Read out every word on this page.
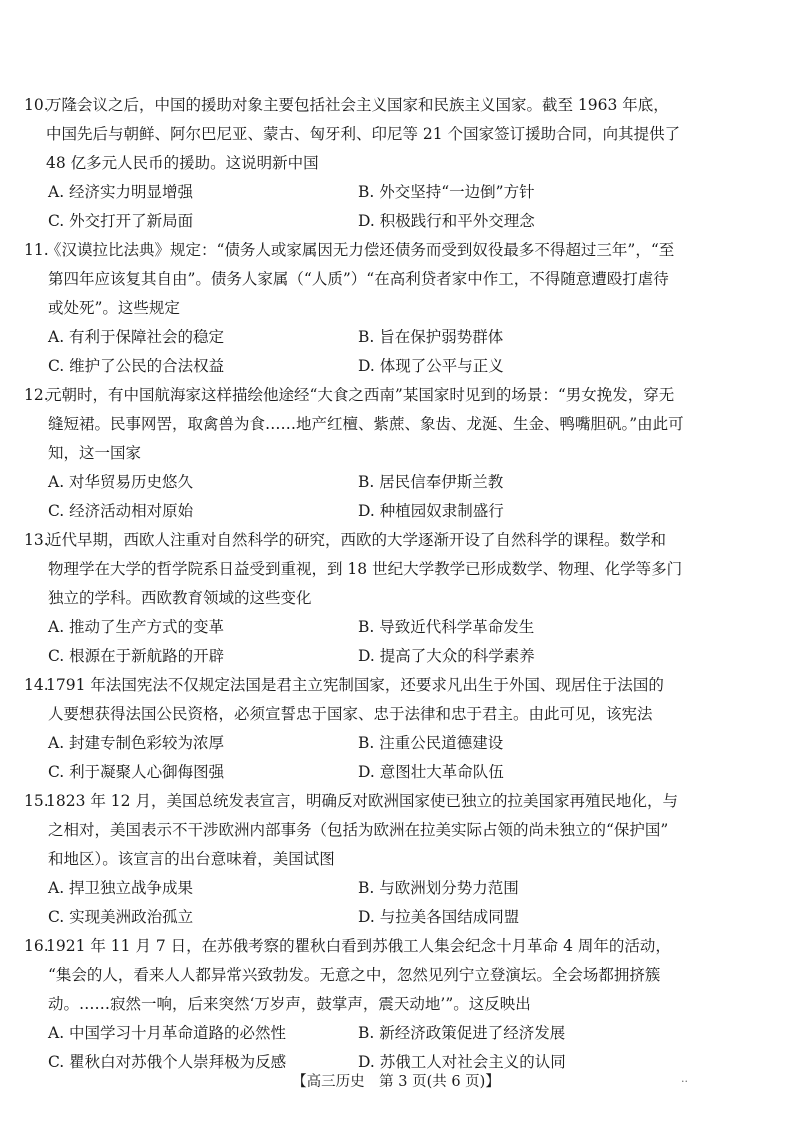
10.
万隆会议之后，中国的援助对象主要包括社会主义国家和民族主义国家。截至 1963 年底，
中国先后与朝鲜、阿尔巴尼亚、蒙古、匈牙利、印尼等 21 个国家签订援助合同，向其提供了
48 亿多元人民币的援助。这说明新中国
A. 经济实力明显增强	B. 外交坚持“一边倒”方针
C. 外交打开了新局面	D. 积极践行和平外交理念
11.
《汉谟拉比法典》规定：“债务人或家属因无力偿还债务而受到奴役最多不得超过三年”，“至
第四年应该复其自由”。债务人家属（“人质”）“在高利贷者家中作工，不得随意遭殴打虐待
或处死”。这些规定
A. 有利于保障社会的稳定	B. 旨在保护弱势群体
C. 维护了公民的合法权益	D. 体现了公平与正义
12.
元朝时，有中国航海家这样描绘他途经“大食之西南”某国家时见到的场景：“男女挽发，穿无
缝短裙。民事网罟，取禽兽为食……地产红檀、紫蔗、象齿、龙涎、生金、鸭嘴胆矾。”由此可
知，这一国家
A. 对华贸易历史悠久	B. 居民信奉伊斯兰教
C. 经济活动相对原始	D. 种植园奴隶制盛行
13.
近代早期，西欧人注重对自然科学的研究，西欧的大学逐渐开设了自然科学的课程。数学和
物理学在大学的哲学院系日益受到重视，到 18 世纪大学教学已形成数学、物理、化学等多门
独立的学科。西欧教育领域的这些变化
A. 推动了生产方式的变革	B. 导致近代科学革命发生
C. 根源在于新航路的开辟	D. 提高了大众的科学素养
14.
1791 年法国宪法不仅规定法国是君主立宪制国家，还要求凡出生于外国、现居住于法国的
人要想获得法国公民资格，必须宣誓忠于国家、忠于法律和忠于君主。由此可见，该宪法
A. 封建专制色彩较为浓厚	B. 注重公民道德建设
C. 利于凝聚人心御侮图强	D. 意图壮大革命队伍
15.
1823 年 12 月，美国总统发表宣言，明确反对欧洲国家使已独立的拉美国家再殖民地化，与
之相对，美国表示不干涉欧洲内部事务（包括为欧洲在拉美实际占领的尚未独立的“保护国”
和地区）。该宣言的出台意味着，美国试图
A. 捍卫独立战争成果	B. 与欧洲划分势力范围
C. 实现美洲政治孤立	D. 与拉美各国结成同盟
16.
1921 年 11 月 7 日，在苏俄考察的瞿秋白看到苏俄工人集会纪念十月革命 4 周年的活动，
“集会的人，看来人人都异常兴致勃发。无意之中，忽然见列宁立登演坛。全会场都拥挤簇
动。……寂然一响，后来突然‘万岁声，鼓掌声，震天动地’”。这反映出
A. 中国学习十月革命道路的必然性	B. 新经济政策促进了经济发展
C. 瞿秋白对苏俄个人崇拜极为反感	D. 苏俄工人对社会主义的认同
【高三历史　第 3 页(共 6 页)】	..
